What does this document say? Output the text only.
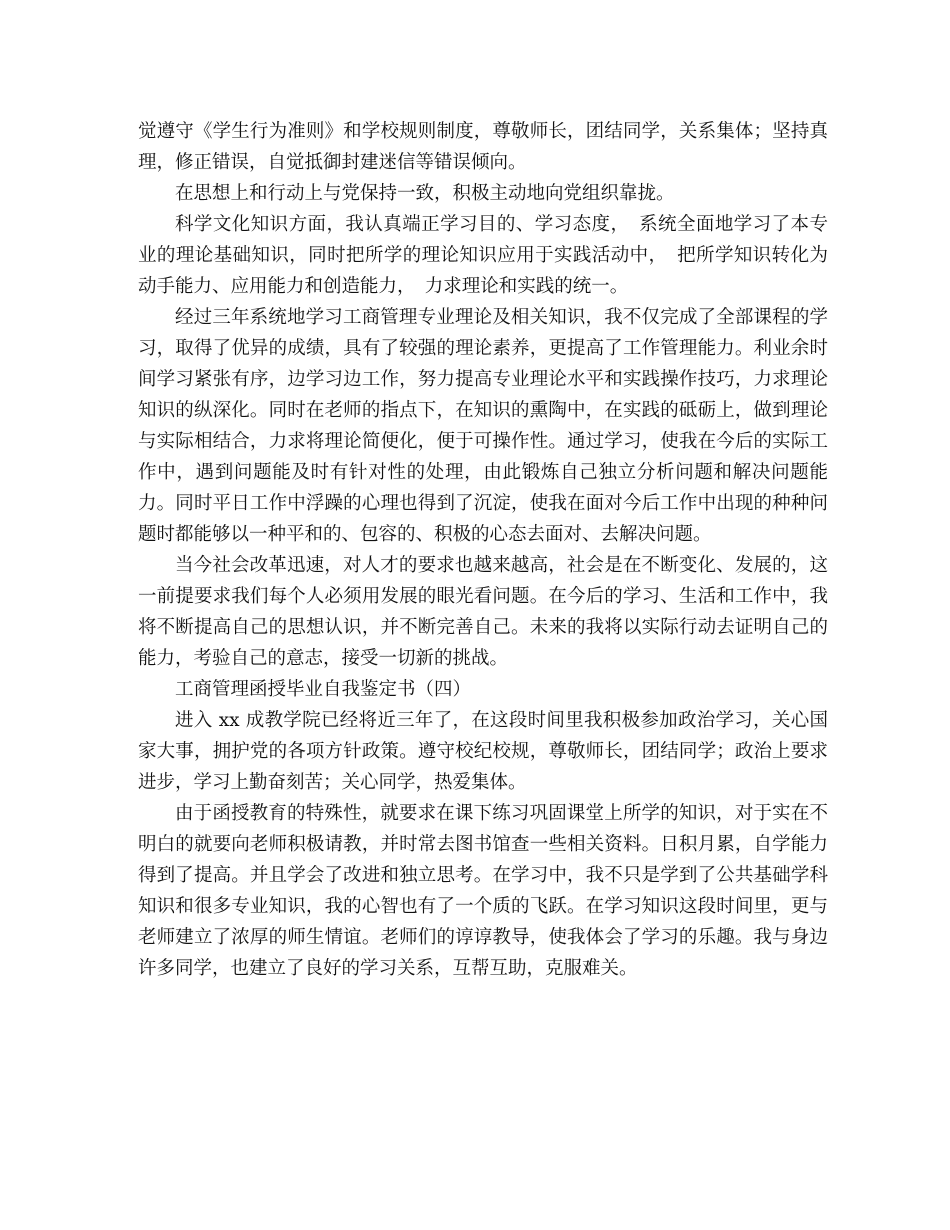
觉遵守《学生行为准则》和学校规则制度，尊敬师长，团结同学，关系集体；坚持真理，修正错误，自觉抵御封建迷信等错误倾向。

在思想上和行动上与党保持一致，积极主动地向党组织靠拢。

科学文化知识方面，我认真端正学习目的、学习态度，　系统全面地学习了本专业的理论基础知识，同时把所学的理论知识应用于实践活动中，　把所学知识转化为动手能力、应用能力和创造能力，　力求理论和实践的统一。

经过三年系统地学习工商管理专业理论及相关知识，我不仅完成了全部课程的学习，取得了优异的成绩，具有了较强的理论素养，更提高了工作管理能力。利业余时间学习紧张有序，边学习边工作，努力提高专业理论水平和实践操作技巧，力求理论知识的纵深化。同时在老师的指点下，在知识的熏陶中，在实践的砥砺上，做到理论与实际相结合，力求将理论简便化，便于可操作性。通过学习，使我在今后的实际工作中，遇到问题能及时有针对性的处理，由此锻炼自己独立分析问题和解决问题能力。同时平日工作中浮躁的心理也得到了沉淀，使我在面对今后工作中出现的种种问题时都能够以一种平和的、包容的、积极的心态去面对、去解决问题。

当今社会改革迅速，对人才的要求也越来越高，社会是在不断变化、发展的，这一前提要求我们每个人必须用发展的眼光看问题。在今后的学习、生活和工作中，我将不断提高自己的思想认识，并不断完善自己。未来的我将以实际行动去证明自己的能力，考验自己的意志，接受一切新的挑战。

工商管理函授毕业自我鉴定书（四）

进入 xx 成教学院已经将近三年了，在这段时间里我积极参加政治学习，关心国家大事，拥护党的各项方针政策。遵守校纪校规，尊敬师长，团结同学；政治上要求进步，学习上勤奋刻苦；关心同学，热爱集体。

由于函授教育的特殊性，就要求在课下练习巩固课堂上所学的知识，对于实在不明白的就要向老师积极请教，并时常去图书馆查一些相关资料。日积月累，自学能力得到了提高。并且学会了改进和独立思考。在学习中，我不只是学到了公共基础学科知识和很多专业知识，我的心智也有了一个质的飞跃。在学习知识这段时间里，更与老师建立了浓厚的师生情谊。老师们的谆谆教导，使我体会了学习的乐趣。我与身边许多同学，也建立了良好的学习关系，互帮互助，克服难关。
